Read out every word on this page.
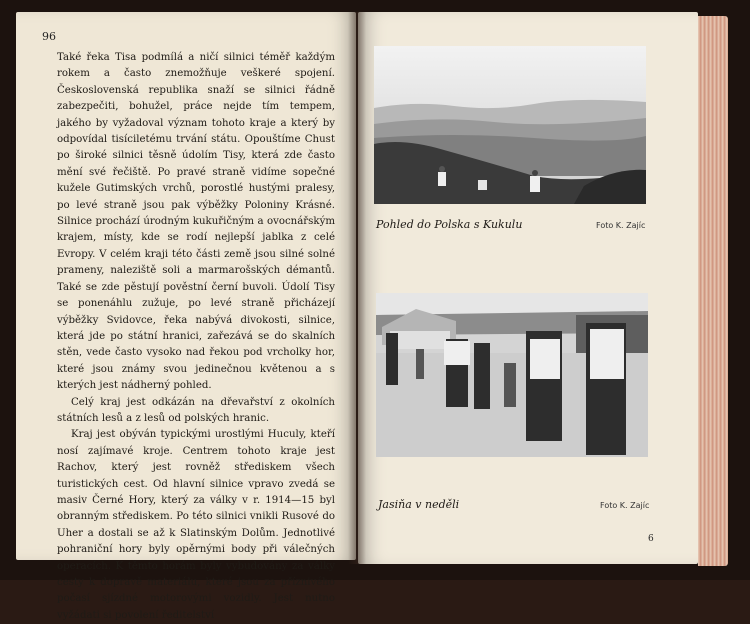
96

Také řeka Tisa podmílá a ničí silnici téměř každým rokem a často znemožňuje veškeré spojení. Československá republika snaží se silnici řádně zabezpečiti, bohužel, práce nejde tím tempem, jakého by vyžadoval význam tohoto kraje a který by odpovídal tisíciletému trvání státu. Opouštíme Chust po široké silnici těsně údolím Tisy, která zde často mění své řečiště. Po pravé straně vidíme sopečné kužele Gutimských vrchů, porostlé hustými pralesy, po levé straně jsou pak výběžky Poloniny Krásné. Silnice prochází úrodným kukuřičným a ovocnářským krajem, místy, kde se rodí nejlepší jablka z celé Evropy. V celém kraji této části země jsou silné solné prameny, naleziště soli a marmarošských démantů. Také se zde pěstují pověstní černí buvoli. Údolí Tisy se ponenáhlu zužuje, po levé straně přicházejí výběžky Svidovce, řeka nabývá divokosti, silnice, která jde po státní hranici, zařezává se do skalních stěn, vede často vysoko nad řekou pod vrcholky hor, které jsou známy svou jedinečnou květenou a s kterých jest nádherný pohled.

Celý kraj jest odkázán na dřevařství z okolních státních lesů a z lesů od polských hranic.

Kraj jest obýván typickými urostlými Huculy, kteří nosí zajímavé kroje. Centrem tohoto kraje jest Rachov, který jest rovněž střediskem všech turistických cest. Od hlavní silnice vpravo zvedá se masiv Černé Hory, který za války v r. 1914—15 byl obranným střediskem. Po této silnici vnikli Rusové do Uher a dostali se až k Slatinským Dolům. Jednotlivé pohraniční hory byly opěrnými body při válečných operacích. K těmto horám byly vybudovány za války cesty k dopravě materiálu, které jsou za příznivého počasí sjízdné motorovými vozidly. Jest nutno vyžádati si povolení ředitelství

Pohled do Polska s Kukulu	Foto K. Zajíc
Jasiňa v neděli	Foto K. Zajíc
6
